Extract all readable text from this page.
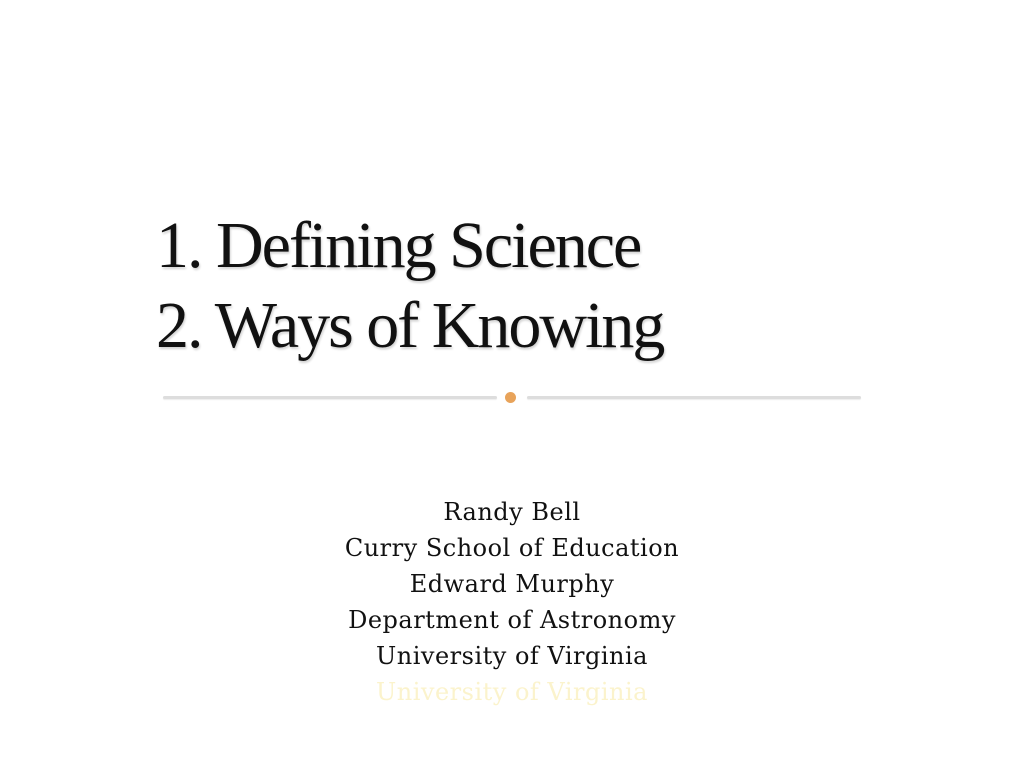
1. Defining Science
2. Ways of Knowing
Randy Bell
Curry School of Education
Edward Murphy
Department of Astronomy
University of Virginia
University of Virginia
